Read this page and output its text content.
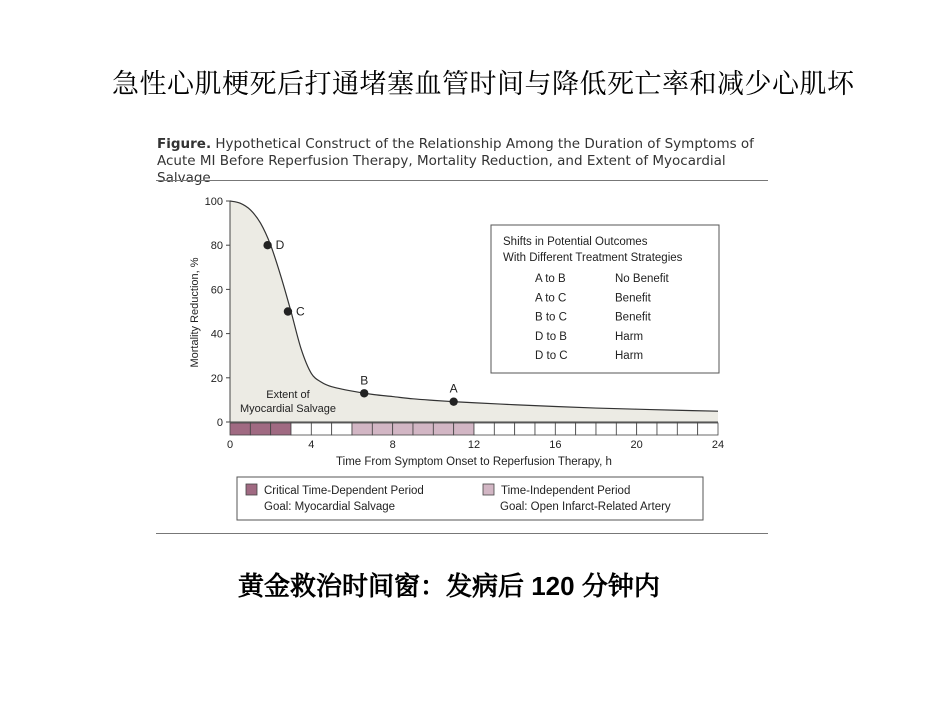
急性心肌梗死后打通堵塞血管时间与降低死亡率和减少心肌坏
Figure. Hypothetical Construct of the Relationship Among the Duration of Symptoms of Acute MI Before Reperfusion Therapy, Mortality Reduction, and Extent of Myocardial Salvage
0
20
40
60
80
100
0	4	8	12	16	20	24
Mortality Reduction, %
Time From Symptom Onset to Reperfusion Therapy, h
Extent of
Myocardial Salvage
D
C
B
A
Shifts in Potential Outcomes
With Different Treatment Strategies
A to B	No Benefit
A to C	Benefit
B to C	Benefit
D to B	Harm
D to C	Harm
Critical Time-Dependent Period
Goal: Myocardial Salvage
Time-Independent Period
Goal: Open Infarct-Related Artery
黄金救治时间窗：发病后 120 分钟内
